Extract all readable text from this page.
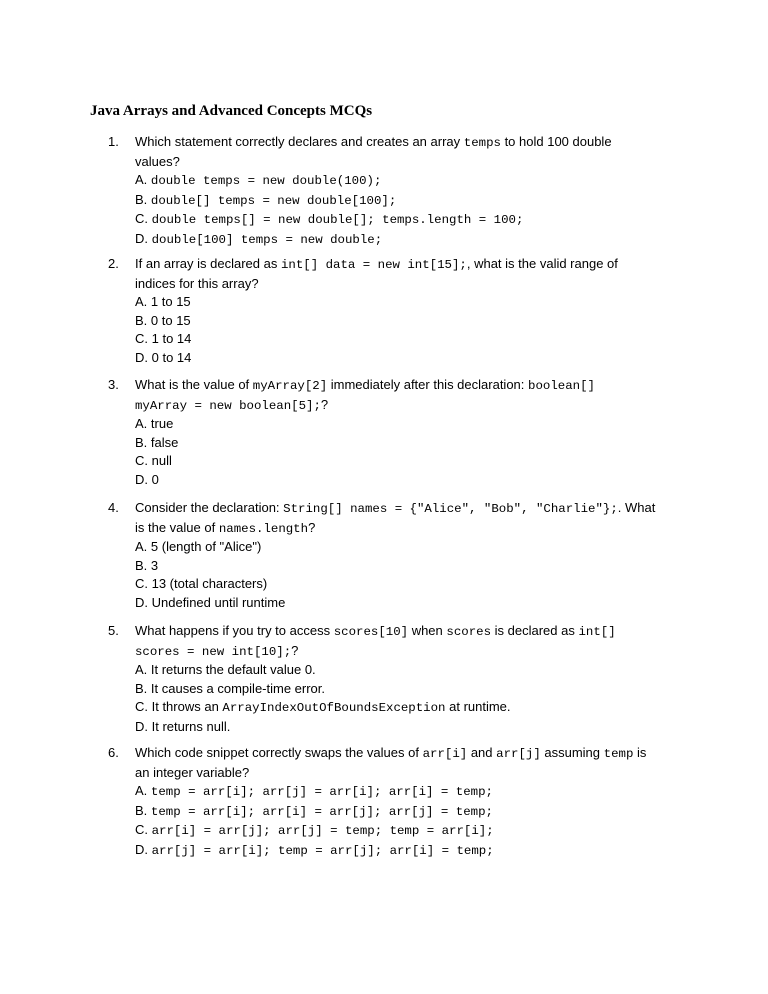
Java Arrays and Advanced Concepts MCQs
1.	Which statement correctly declares and creates an array temps to hold 100 double
values?
A. double temps = new double(100);
B. double[] temps = new double[100];
C. double temps[] = new double[]; temps.length = 100;
D. double[100] temps = new double;
2.	If an array is declared as int[] data = new int[15];, what is the valid range of
indices for this array?
A. 1 to 15
B. 0 to 15
C. 1 to 14
D. 0 to 14
3.	What is the value of myArray[2] immediately after this declaration: boolean[]
myArray = new boolean[5];?
A. true
B. false
C. null
D. 0
4.	Consider the declaration: String[] names = {"Alice", "Bob", "Charlie"};. What
is the value of names.length?
A. 5 (length of "Alice")
B. 3
C. 13 (total characters)
D. Undefined until runtime
5.	What happens if you try to access scores[10] when scores is declared as int[]
scores = new int[10];?
A. It returns the default value 0.
B. It causes a compile-time error.
C. It throws an ArrayIndexOutOfBoundsException at runtime.
D. It returns null.
6.	Which code snippet correctly swaps the values of arr[i] and arr[j] assuming temp is
an integer variable?
A. temp = arr[i]; arr[j] = arr[i]; arr[i] = temp;
B. temp = arr[i]; arr[i] = arr[j]; arr[j] = temp;
C. arr[i] = arr[j]; arr[j] = temp; temp = arr[i];
D. arr[j] = arr[i]; temp = arr[j]; arr[i] = temp;
